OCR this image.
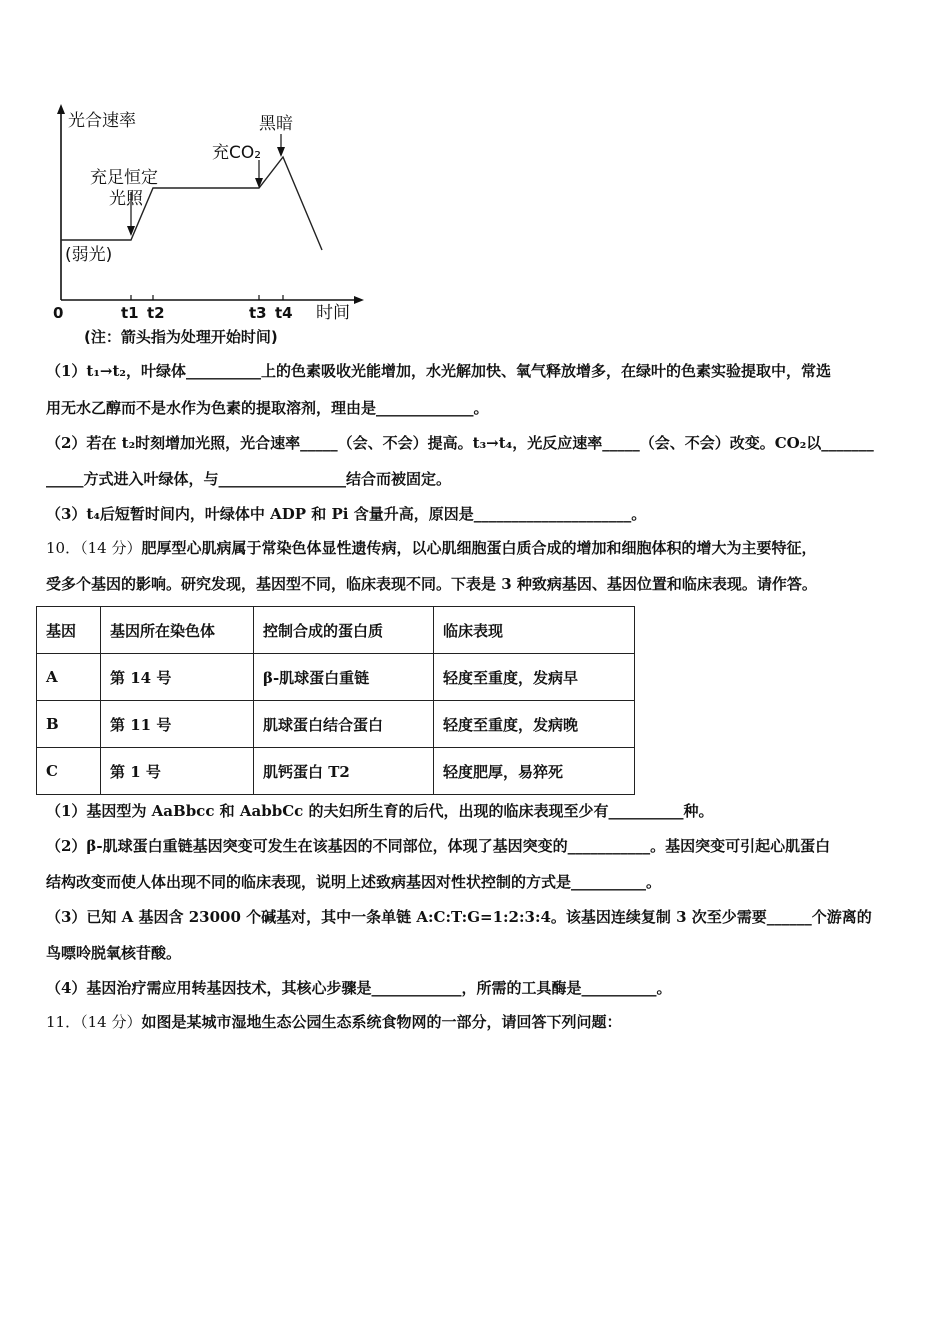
光合速率
时间
0	t1 t2	t3 t4
黑暗
充CO₂
充足恒定
光照
(弱光)
(注：箭头指为处理开始时间)
（1）t₁→t₂，叶绿体__________上的色素吸收光能增加，水光解加快、氧气释放增多，在绿叶的色素实验提取中，常选
用无水乙醇而不是水作为色素的提取溶剂，理由是_____________。
（2）若在 t₂时刻增加光照，光合速率_____（会、不会）提高。t₃→t₄，光反应速率_____（会、不会）改变。CO₂以_______
_____方式进入叶绿体，与_________________结合而被固定。
（3）t₄后短暂时间内，叶绿体中 ADP 和 Pi 含量升高，原因是_____________________。
10．（14 分）肥厚型心肌病属于常染色体显性遗传病，以心肌细胞蛋白质合成的增加和细胞体积的增大为主要特征，
受多个基因的影响。研究发现，基因型不同，临床表现不同。下表是 3 种致病基因、基因位置和临床表现。请作答。
基因	基因所在染色体	控制合成的蛋白质	临床表现
A	第 14 号	β-肌球蛋白重链	轻度至重度，发病早
B	第 11 号	肌球蛋白结合蛋白	轻度至重度，发病晚
C	第 1 号	肌钙蛋白 T2	轻度肥厚，易猝死
（1）基因型为 AaBbcc 和 AabbCc 的夫妇所生育的后代，出现的临床表现至少有__________种。
（2）β-肌球蛋白重链基因突变可发生在该基因的不同部位，体现了基因突变的___________。基因突变可引起心肌蛋白
结构改变而使人体出现不同的临床表现，说明上述致病基因对性状控制的方式是__________。
（3）已知 A 基因含 23000 个碱基对，其中一条单链 A:C:T:G=1:2:3:4。该基因连续复制 3 次至少需要______个游离的
鸟嘌呤脱氧核苷酸。
（4）基因治疗需应用转基因技术，其核心步骤是____________，所需的工具酶是__________。
11．（14 分）如图是某城市湿地生态公园生态系统食物网的一部分，请回答下列问题：
